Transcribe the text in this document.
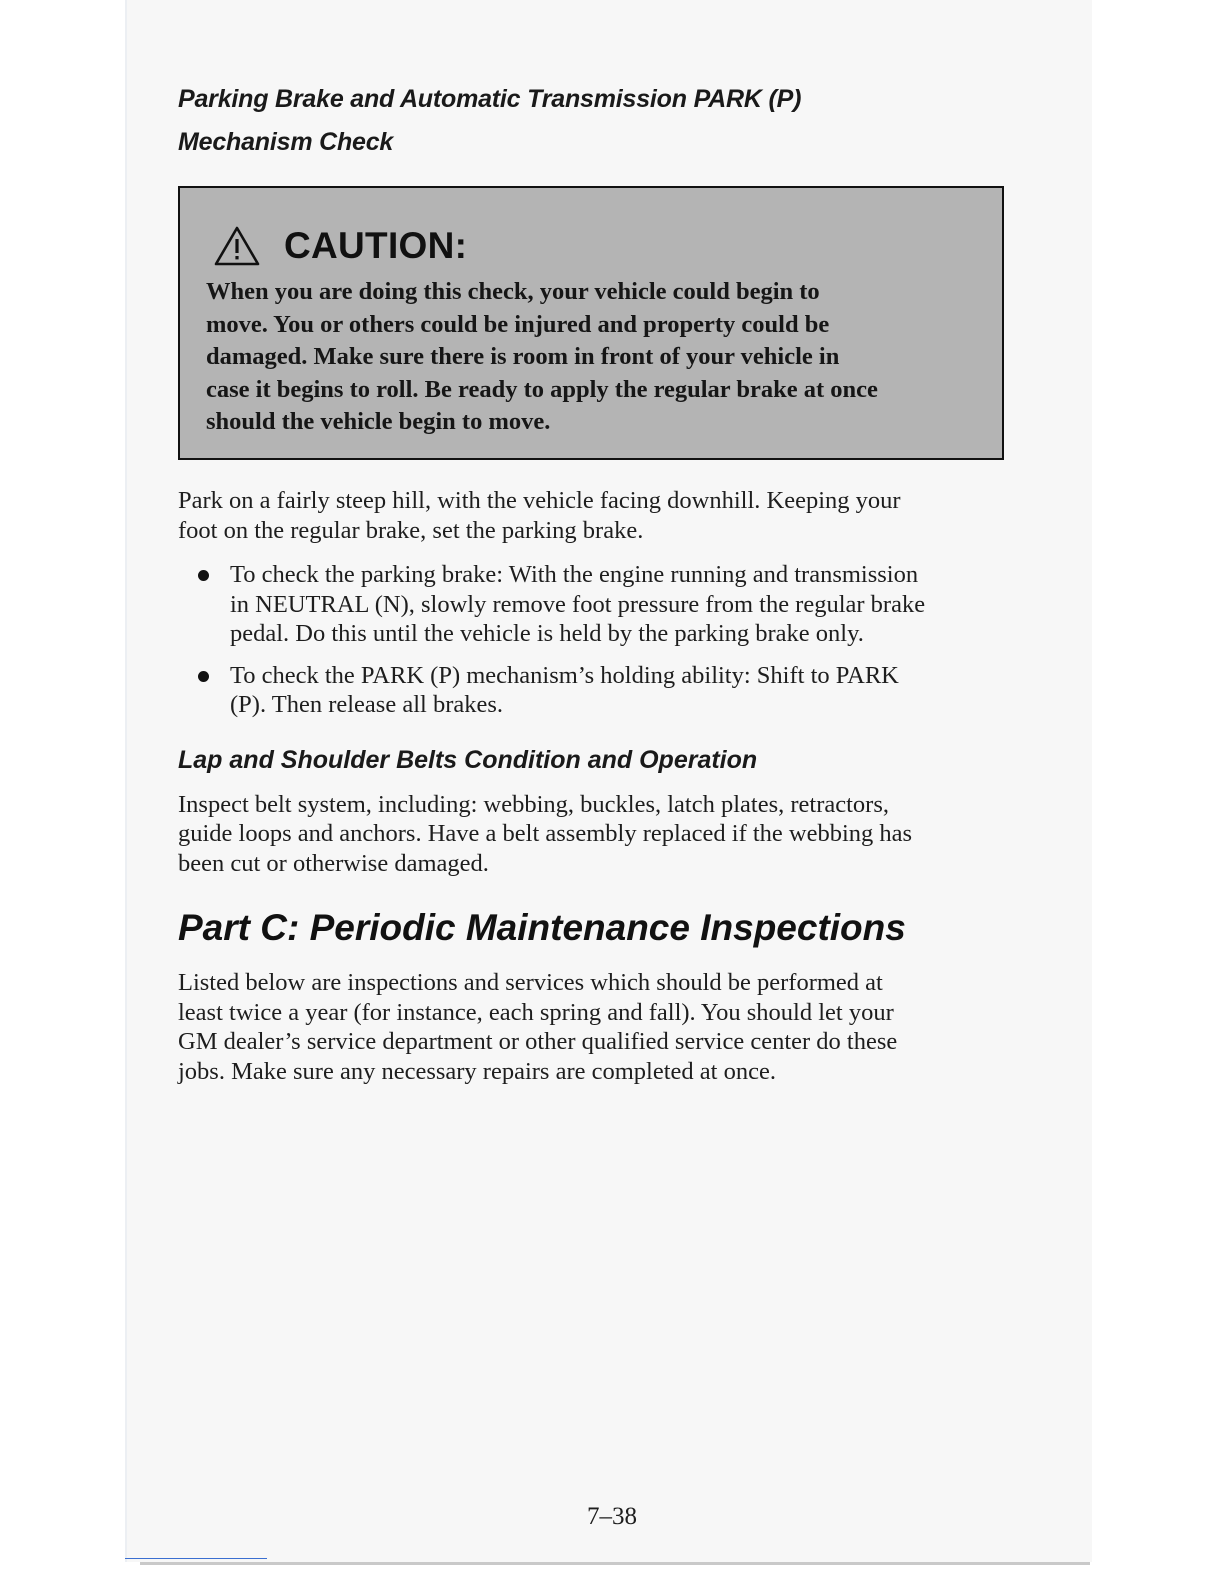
Parking Brake and Automatic Transmission PARK (P)
Mechanism Check
CAUTION:

When you are doing this check, your vehicle could begin to
move. You or others could be injured and property could be
damaged. Make sure there is room in front of your vehicle in
case it begins to roll. Be ready to apply the regular brake at once
should the vehicle begin to move.

Park on a fairly steep hill, with the vehicle facing downhill. Keeping your
foot on the regular brake, set the parking brake.

To check the parking brake: With the engine running and transmission
in NEUTRAL (N), slowly remove foot pressure from the regular brake
pedal. Do this until the vehicle is held by the parking brake only.
To check the PARK (P) mechanism’s holding ability: Shift to PARK
(P). Then release all brakes.
Lap and Shoulder Belts Condition and Operation

Inspect belt system, including: webbing, buckles, latch plates, retractors,
guide loops and anchors. Have a belt assembly replaced if the webbing has
been cut or otherwise damaged.

Part C: Periodic Maintenance Inspections

Listed below are inspections and services which should be performed at
least twice a year (for instance, each spring and fall). You should let your
GM dealer’s service department or other qualified service center do these
jobs. Make sure any necessary repairs are completed at once.

7–38
